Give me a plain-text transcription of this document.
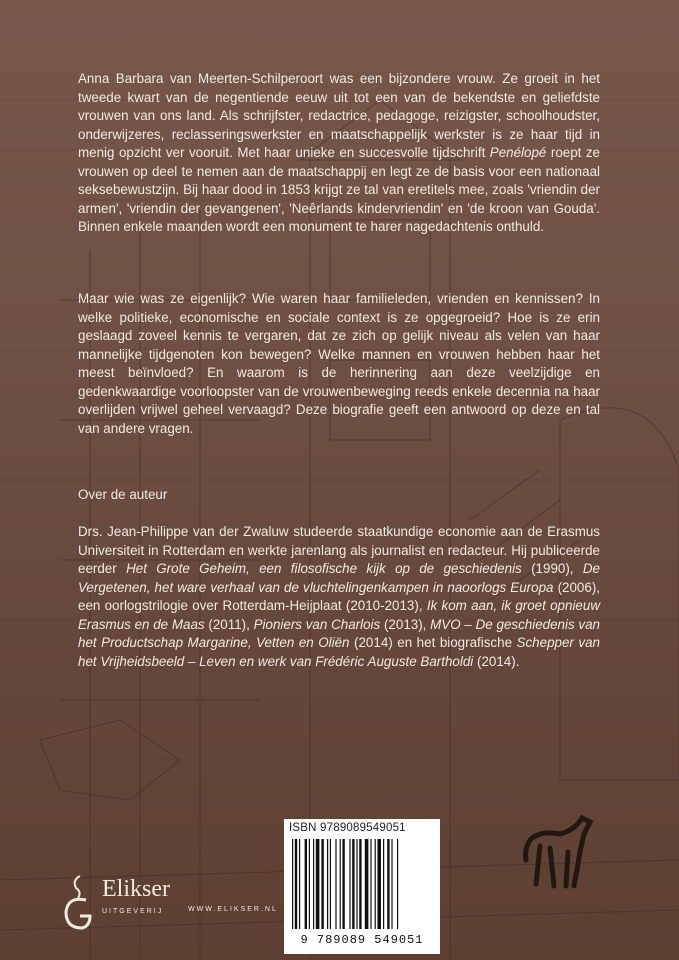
Anna Barbara van Meerten-Schilperoort was een bijzondere vrouw. Ze groeit in het tweede kwart van de negentiende eeuw uit tot een van de bekendste en geliefdste vrouwen van ons land. Als schrijfster, redactrice, pedagoge, reizigster, schoolhoudster, onderwijzeres, reclasseringswerkster en maatschappelijk werkster is ze haar tijd in menig opzicht ver vooruit. Met haar unieke en succesvolle tijdschrift Penélopé roept ze vrouwen op deel te nemen aan de maatschappij en legt ze de basis voor een nationaal seksebewustzijn. Bij haar dood in 1853 krijgt ze tal van eretitels mee, zoals 'vriendin der armen', 'vriendin der gevangenen', 'Neêrlands kindervriendin' en 'de kroon van Gouda'. Binnen enkele maanden wordt een monument te harer nagedachtenis onthuld.

Maar wie was ze eigenlijk? Wie waren haar familieleden, vrienden en kennissen? In welke politieke, economische en sociale context is ze opgegroeid? Hoe is ze erin geslaagd zoveel kennis te vergaren, dat ze zich op gelijk niveau als velen van haar mannelijke tijdgenoten kon bewegen? Welke mannen en vrouwen hebben haar het meest beïnvloed? En waarom is de herinnering aan deze veelzijdige en gedenkwaardige voorloopster van de vrouwenbeweging reeds enkele decennia na haar overlijden vrijwel geheel vervaagd? Deze biografie geeft een antwoord op deze en tal van andere vragen.

Over de auteur

Drs. Jean-Philippe van der Zwaluw studeerde staatkundige economie aan de Erasmus Universiteit in Rotterdam en werkte jarenlang als journalist en redacteur. Hij publiceerde eerder Het Grote Geheim, een filosofische kijk op de geschiedenis (1990), De Vergetenen, het ware verhaal van de vluchtelingenkampen in naoorlogs Europa (2006), een oorlogstrilogie over Rotterdam-Heijplaat (2010-2013), Ik kom aan, ik groet opnieuw Erasmus en de Maas (2011), Pioniers van Charlois (2013), MVO – De geschiedenis van het Productschap Margarine, Vetten en Oliën (2014) en het biografische Schepper van het Vrijheidsbeeld – Leven en werk van Frédéric Auguste Bartholdi (2014).

ISBN 9789089549051
9 789089 549051
Elikser
UITGEVERIJ	WWW.ELIKSER.NL
